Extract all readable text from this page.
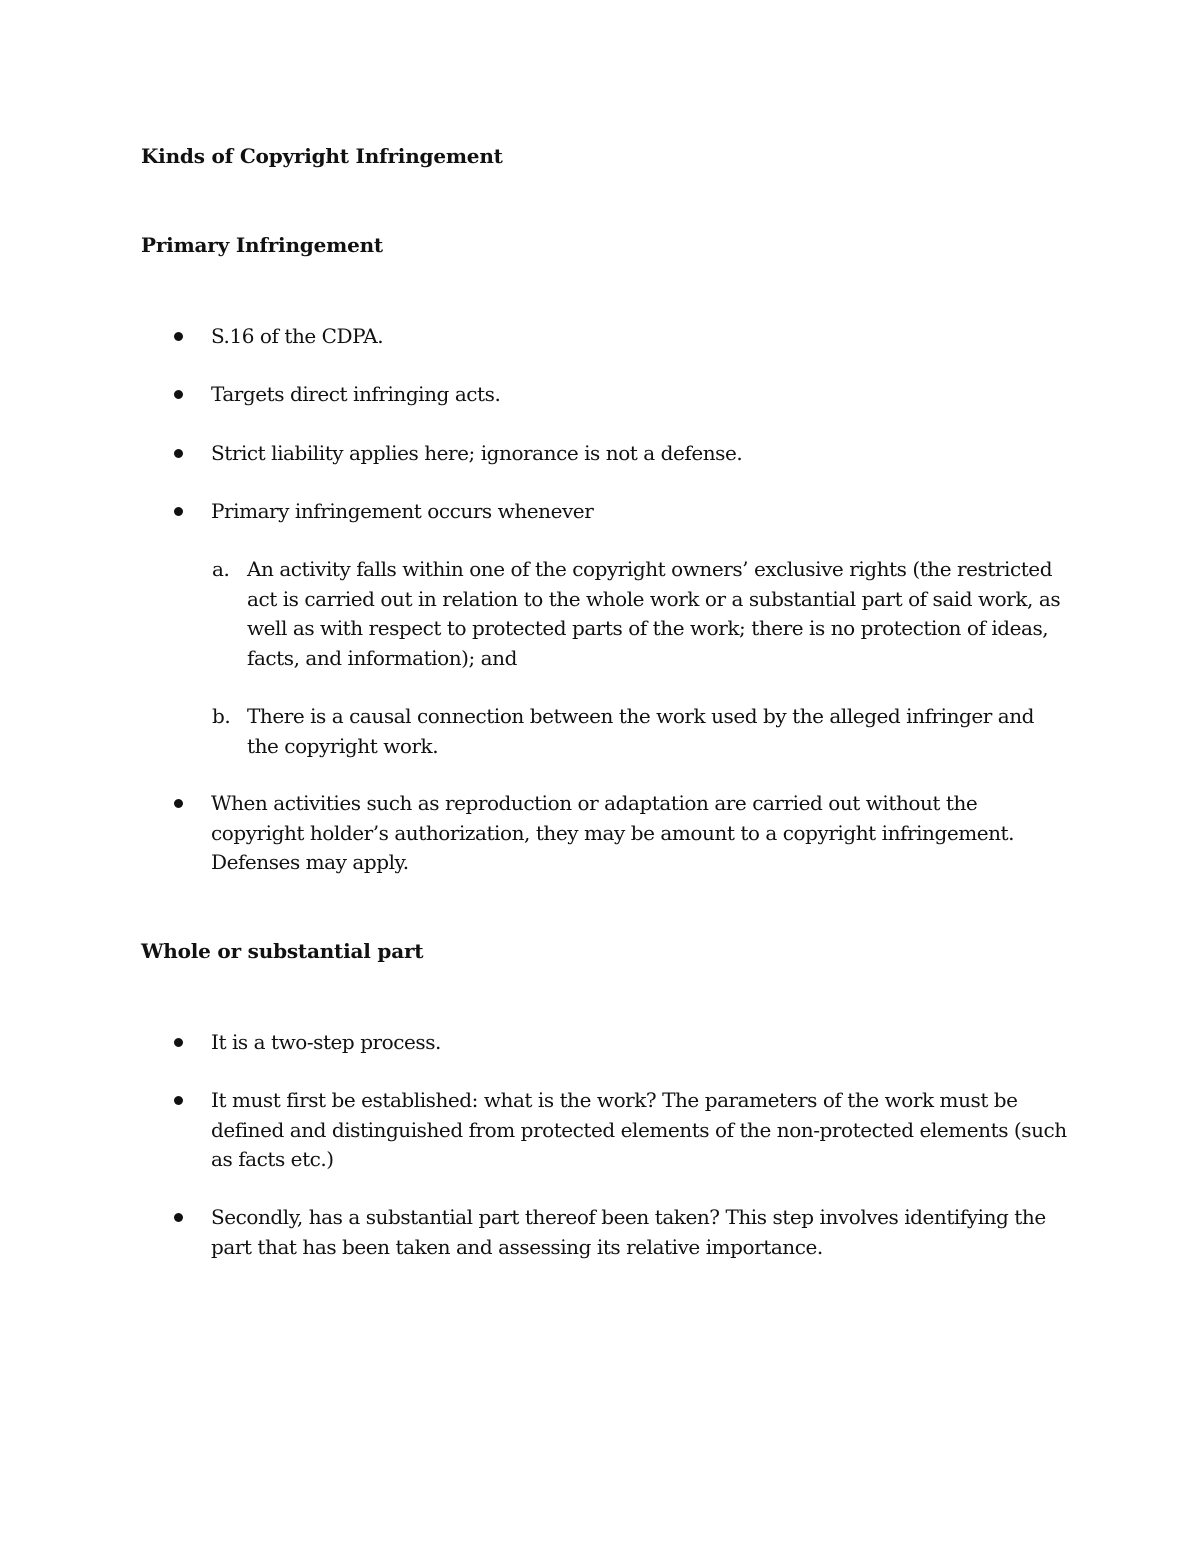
Kinds of Copyright Infringement
Primary Infringement
S.16 of the CDPA.
Targets direct infringing acts.
Strict liability applies here; ignorance is not a defense.
Primary infringement occurs whenever
a. An activity falls within one of the copyright owners’ exclusive rights (the restricted act is carried out in relation to the whole work or a substantial part of said work, as well as with respect to protected parts of the work; there is no protection of ideas, facts, and information); and
b. There is a causal connection between the work used by the alleged infringer and the copyright work.
When activities such as reproduction or adaptation are carried out without the copyright holder’s authorization, they may be amount to a copyright infringement. Defenses may apply.
Whole or substantial part
It is a two-step process.
It must first be established: what is the work? The parameters of the work must be defined and distinguished from protected elements of the non-protected elements (such as facts etc.)
Secondly, has a substantial part thereof been taken? This step involves identifying the part that has been taken and assessing its relative importance.
